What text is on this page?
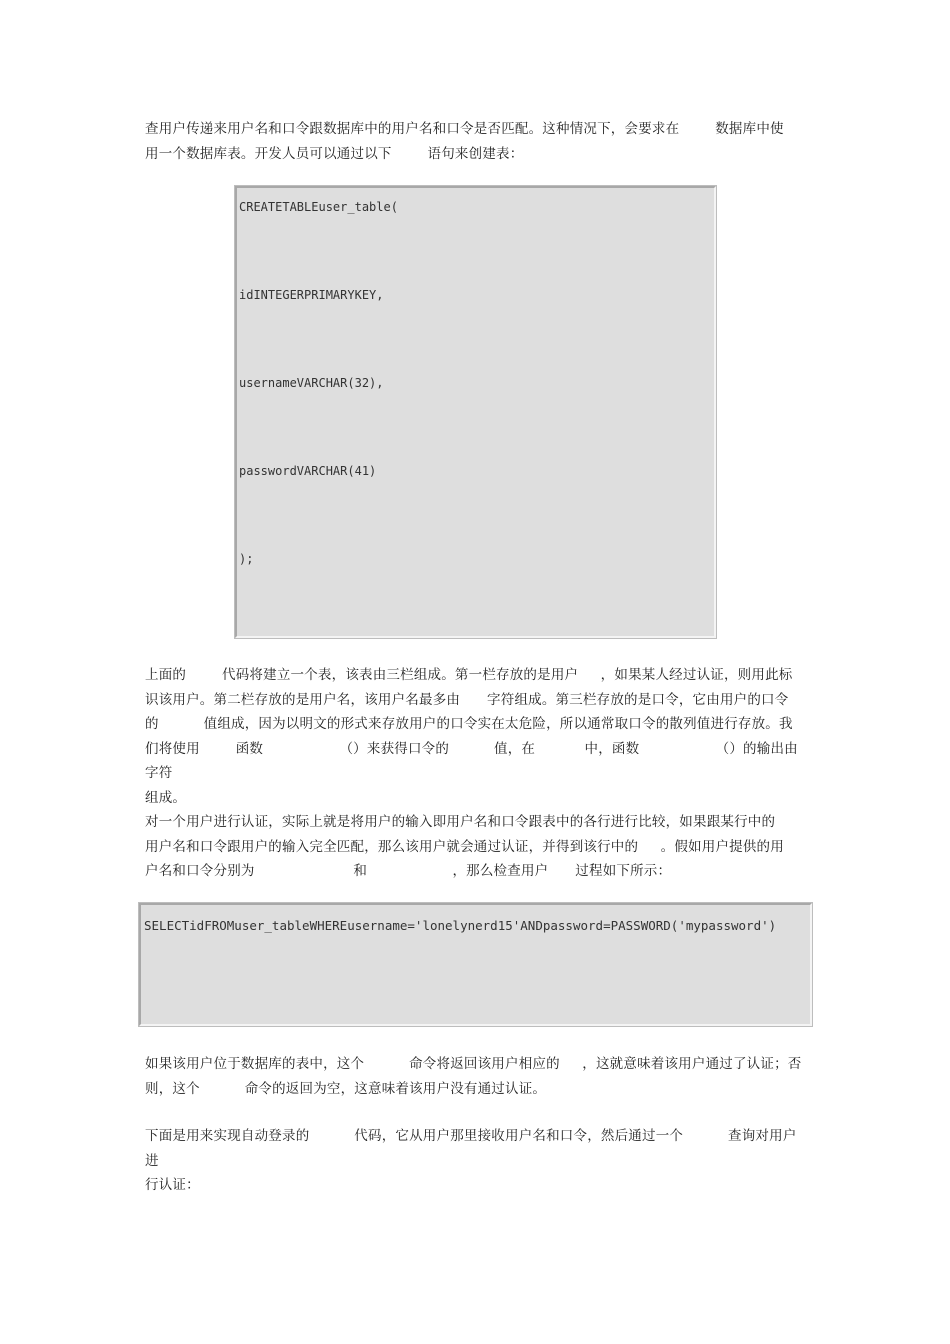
查用户传递来用户名和口令跟数据库中的用户名和口令是否匹配。这种情况下，会要求在        数据库中使
用一个数据库表。开发人员可以通过以下        语句来创建表：
CREATETABLEuser_table(
idINTEGERPRIMARYKEY,
usernameVARCHAR(32),
passwordVARCHAR(41)
);
上面的        代码将建立一个表，该表由三栏组成。第一栏存放的是用户     ，如果某人经过认证，则用此标
识该用户。第二栏存放的是用户名，该用户名最多由      字符组成。第三栏存放的是口令，它由用户的口令
的          值组成，因为以明文的形式来存放用户的口令实在太危险，所以通常取口令的散列值进行存放。我
们将使用        函数                 （）来获得口令的          值，在           中，函数                 （）的输出由      字符
组成。
对一个用户进行认证，实际上就是将用户的输入即用户名和口令跟表中的各行进行比较，如果跟某行中的
用户名和口令跟用户的输入完全匹配，那么该用户就会通过认证，并得到该行中的     。假如用户提供的用
户名和口令分别为                      和                   ，那么检查用户      过程如下所示：
SELECTidFROMuser_tableWHEREusername='lonelynerd15'ANDpassword=PASSWORD('mypassword')
如果该用户位于数据库的表中，这个          命令将返回该用户相应的     ，这就意味着该用户通过了认证；否
则，这个          命令的返回为空，这意味着该用户没有通过认证。
下面是用来实现自动登录的          代码，它从用户那里接收用户名和口令，然后通过一个          查询对用户进
行认证：
